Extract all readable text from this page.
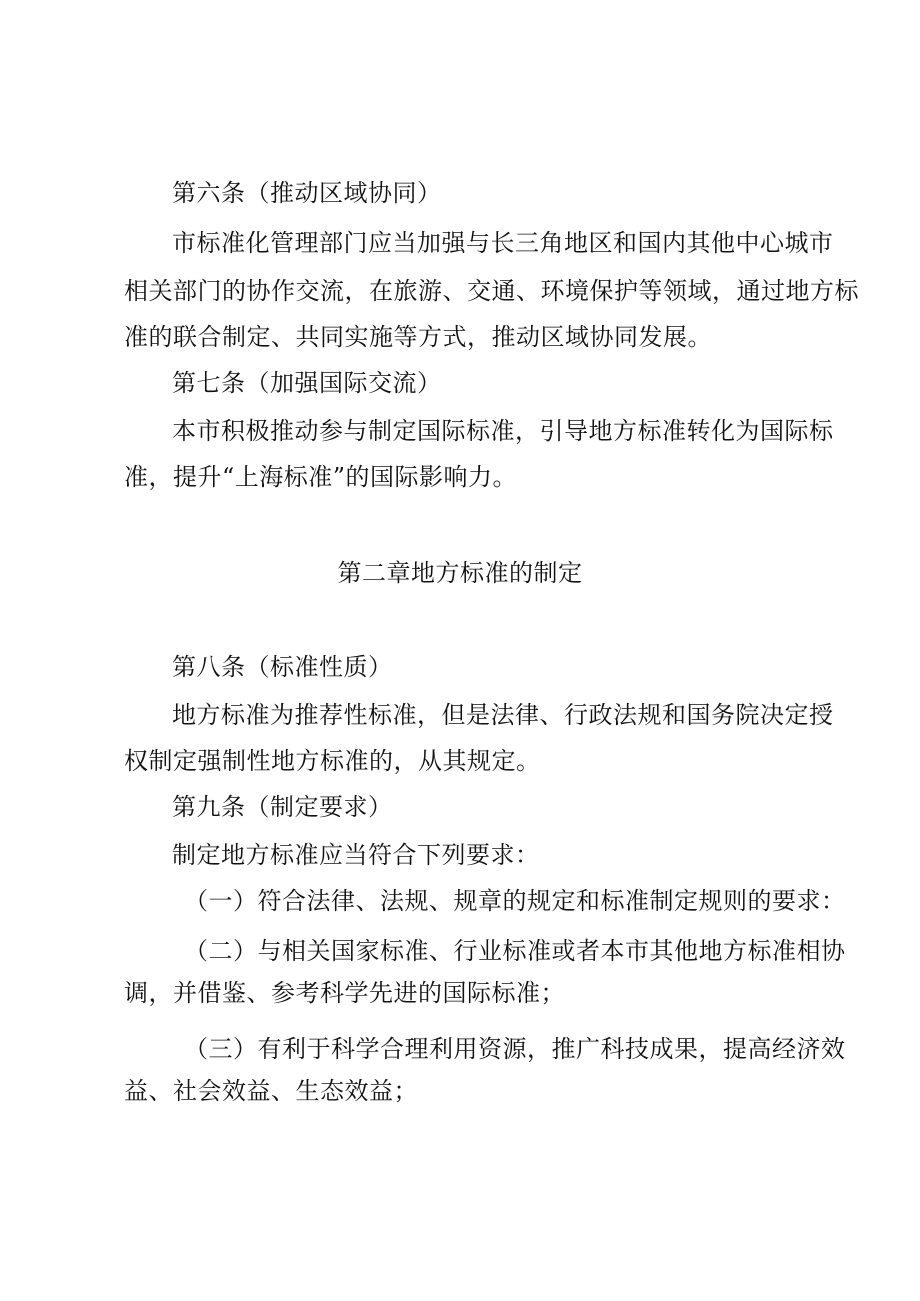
第六条（推动区域协同）
市标准化管理部门应当加强与长三角地区和国内其他中心城市
相关部门的协作交流，在旅游、交通、环境保护等领域，通过地方标
准的联合制定、共同实施等方式，推动区域协同发展。
第七条（加强国际交流）
本市积极推动参与制定国际标准，引导地方标准转化为国际标
准，提升“上海标准”的国际影响力。
第二章地方标准的制定
第八条（标准性质）
地方标准为推荐性标准，但是法律、行政法规和国务院决定授
权制定强制性地方标准的，从其规定。
第九条（制定要求）
制定地方标准应当符合下列要求：
（一）符合法律、法规、规章的规定和标准制定规则的要求：
（二）与相关国家标准、行业标准或者本市其他地方标准相协
调，并借鉴、参考科学先进的国际标准；
（三）有利于科学合理利用资源，推广科技成果，提高经济效
益、社会效益、生态效益；
